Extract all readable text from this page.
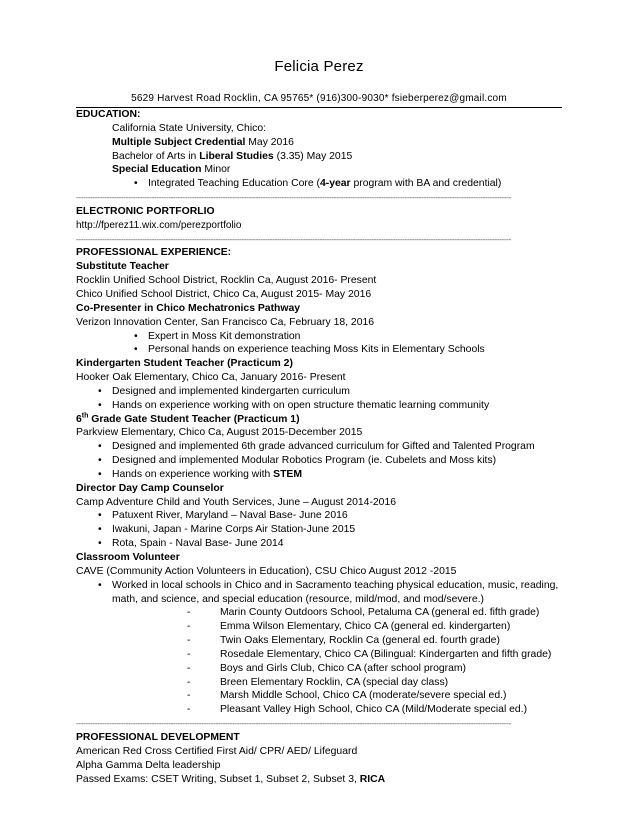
Felicia Perez
5629 Harvest Road Rocklin, CA 95765* (916)300-9030* fsieberperez@gmail.com
EDUCATION:
California State University, Chico:
Multiple Subject Credential May 2016
Bachelor of Arts in Liberal Studies (3.35) May 2015
Special Education Minor
• Integrated Teaching Education Core (4-year program with BA and credential)
----------------------------------------------------------------------------------------------------------------------------------------------------------------------------------------
ELECTRONIC PORTFORLIO
http://fperez11.wix.com/perezportfolio
----------------------------------------------------------------------------------------------------------------------------------------------------------------------------------------
PROFESSIONAL EXPERIENCE:
Substitute Teacher
Rocklin Unified School District, Rocklin Ca, August 2016- Present
Chico Unified School District, Chico Ca, August 2015- May 2016
Co-Presenter in Chico Mechatronics Pathway
Verizon Innovation Center, San Francisco Ca, February 18, 2016
• Expert in Moss Kit demonstration
• Personal hands on experience teaching Moss Kits in Elementary Schools
Kindergarten Student Teacher (Practicum 2)
Hooker Oak Elementary, Chico Ca, January 2016- Present
• Designed and implemented kindergarten curriculum
• Hands on experience working with on open structure thematic learning community
6th Grade Gate Student Teacher (Practicum 1)
Parkview Elementary, Chico Ca, August 2015-December 2015
• Designed and implemented 6th grade advanced curriculum for Gifted and Talented Program
• Designed and implemented Modular Robotics Program (ie. Cubelets and Moss kits)
• Hands on experience working with STEM
Director Day Camp Counselor
Camp Adventure Child and Youth Services, June – August 2014-2016
• Patuxent River, Maryland – Naval Base- June 2016
• Iwakuni, Japan - Marine Corps Air Station-June 2015
• Rota, Spain - Naval Base- June 2014
Classroom Volunteer
CAVE (Community Action Volunteers in Education), CSU Chico August 2012 -2015
• Worked in local schools in Chico and in Sacramento teaching physical education, music, reading, math, and science, and special education (resource, mild/mod, and mod/severe.)
- Marin County Outdoors School, Petaluma CA (general ed. fifth grade)
- Emma Wilson Elementary, Chico CA (general ed. kindergarten)
- Twin Oaks Elementary, Rocklin Ca (general ed. fourth grade)
- Rosedale Elementary, Chico CA (Bilingual: Kindergarten and fifth grade)
- Boys and Girls Club, Chico CA (after school program)
- Breen Elementary Rocklin, CA (special day class)
- Marsh Middle School, Chico CA (moderate/severe special ed.)
- Pleasant Valley High School, Chico CA (Mild/Moderate special ed.)
----------------------------------------------------------------------------------------------------------------------------------------------------------------------------------------
PROFESSIONAL DEVELOPMENT
American Red Cross Certified First Aid/ CPR/ AED/ Lifeguard
Alpha Gamma Delta leadership
Passed Exams: CSET Writing, Subset 1, Subset 2, Subset 3, RICA
